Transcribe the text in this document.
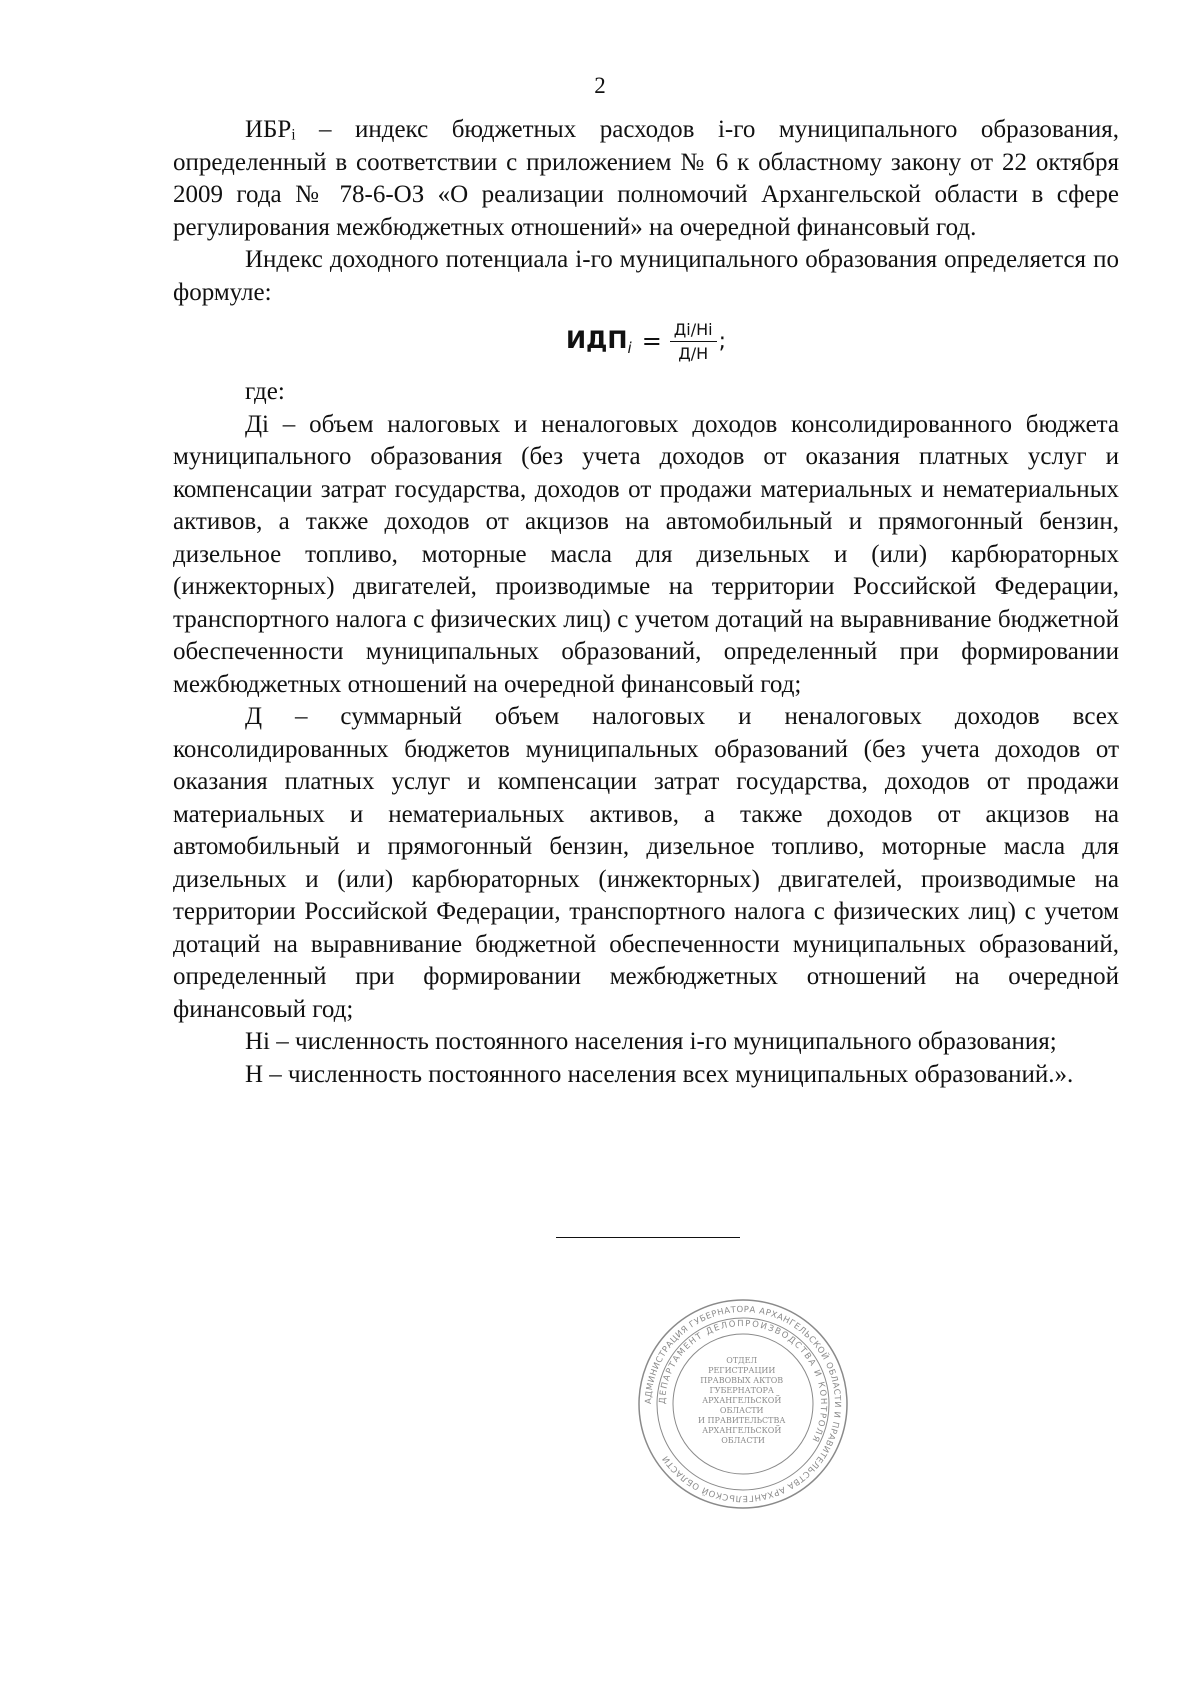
2

ИБРᵢ – индекс бюджетных расходов i-го муниципального образования, определенный в соответствии с приложением № 6 к областному закону от 22 октября 2009 года № 78-6-ОЗ «О реализации полномочий Архангельской области в сфере регулирования межбюджетных отношений» на очередной финансовый год.

Индекс доходного потенциала i-го муниципального образования определяется по формуле:

$ИДП_i = \frac{Дi/Нi}{Д/Н}$ ;

где:

Дi – объем налоговых и неналоговых доходов консолидированного бюджета муниципального образования (без учета доходов от оказания платных услуг и компенсации затрат государства, доходов от продажи материальных и нематериальных активов, а также доходов от акцизов на автомобильный и прямогонный бензин, дизельное топливо, моторные масла для дизельных и (или) карбюраторных (инжекторных) двигателей, производимые на территории Российской Федерации, транспортного налога с физических лиц) с учетом дотаций на выравнивание бюджетной обеспеченности муниципальных образований, определенный при формировании межбюджетных отношений на очередной финансовый год;

Д – суммарный объем налоговых и неналоговых доходов всех консолидированных бюджетов муниципальных образований (без учета доходов от оказания платных услуг и компенсации затрат государства, доходов от продажи материальных и нематериальных активов, а также доходов от акцизов на автомобильный и прямогонный бензин, дизельное топливо, моторные масла для дизельных и (или) карбюраторных (инжекторных) двигателей, производимые на территории Российской Федерации, транспортного налога с физических лиц) с учетом дотаций на выравнивание бюджетной обеспеченности муниципальных образований, определенный при формировании межбюджетных отношений на очередной финансовый год;

Нi – численность постоянного населения i-го муниципального образования;

Н – численность постоянного населения всех муниципальных образований.».

АДМИНИСТРАЦИЯ ГУБЕРНАТОРА АРХАНГЕЛЬСКОЙ ОБЛАСТИ И ПРАВИТЕЛЬСТВА АРХАНГЕЛЬСКОЙ ОБЛАСТИ
ДЕПАРТАМЕНТ ДЕЛОПРОИЗВОДСТВА И КОНТРОЛЯ
ОТДЕЛ РЕГИСТРАЦИИ ПРАВОВЫХ АКТОВ ГУБЕРНАТОРА АРХАНГЕЛЬСКОЙ ОБЛАСТИ И ПРАВИТЕЛЬСТВА АРХАНГЕЛЬСКОЙ ОБЛАСТИ
